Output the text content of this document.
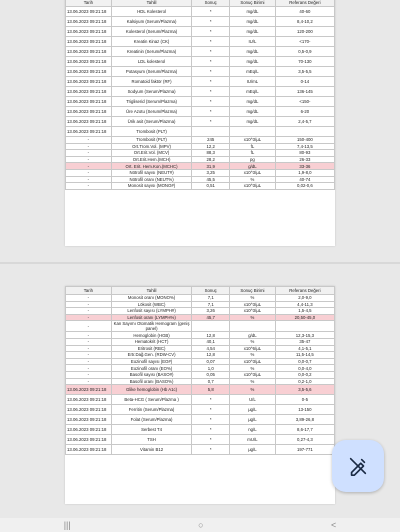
Tarih	Tahlil	Sonuç	Sonuç Birimi	Referans Değeri
13.06.2023 09:21:18	HDL Kolesterol	*	mg/dL	40-60
13.06.2023 09:21:18	Kalsiyum (Serum/Plazma)	*	mg/dL	8,4-10,2
13.06.2023 09:21:18	Kolesterol (Serum/Plazma)	*	mg/dL	120-200
13.06.2023 09:21:18	Kreatin Kinaz (CK)	*	IU/L	<170-
13.06.2023 09:21:18	Kreatinin (Serum/Plazma)	*	mg/dL	0,5-0,9
13.06.2023 09:21:18	LDL kolesterol	*	mg/dL	70-130
13.06.2023 09:21:18	Potasyum (Serum/Plazma)	*	mEq/L	3,5-5,5
13.06.2023 09:21:18	Romatoid faktör (RF)	*	IU/mL	0-14
13.06.2023 09:21:18	Sodyum (Serum/Plazma)	*	mEq/L	136-145
13.06.2023 09:21:18	Trigliserid (Serum/Plazma)	*	mg/dL	<150-
13.06.2023 09:21:18	Üre Azotu (Serum/Plazma)	*	mg/dL	6-20
13.06.2023 09:21:18	Ürik asit (Serum/Plazma)	*	mg/dL	2,4-5,7
13.06.2023 09:21:18	Trombosit (PLT)			
-	Trombosit (PLT)	245	x10^3/µL	150-400
-	Ort.Trom.Vol. (MPV)	12,2	fL	7,4-13,5
-	Ort.Erit.Vol. (MCV)	88,3	fL	80-93
-	Ort.Erit.Hem.(MCH)	28,2	pg	26-33
-	Ort. Erit. Hem.Kon.(MCHC)	31,9	g/dL	33-36
-	Nötrofil sayısı (NEUT#)	3,25	x10^3/µL	1,9-8,0
-	Nötrofil oranı (NEUT%)	45,5	%	40-74
-	Monosit sayısı (MONO#)	0,51	x10^3/µL	0,02-0,6
Tarih	Tahlil	Sonuç	Sonuç Birimi	Referans Değeri
-	Monosit oranı (MONO%)	7,1	%	2,0-9,0
-	Lökosit (WBC)	7,1	x10^3/µL	4,4-11,3
-	Lenfosit sayısı (LYMPH#)	3,26	x10^3/µL	1,5-4,5
-	Lenfosit oranı (LYMPH%)	45,7	%	20,50-45,0
-	Kan Sayımı Otomatik Hemogram (geniş panel)			
-	Hemoglobin (HGB)	12,8	g/dL	12,3-15,3
-	Hematokrit (HCT)	40,1	%	35-47
-	Eritrosit (RBC)	4,54	x10^6/µL	4,1-5,1
-	Ertr.Dağ.Gen. (RDW-CV)	12,8	%	11,5-14,5
-	Eozinofil sayısı (EO#)	0,07	x10^3/µL	0,0-0,7
-	Eozinofil oranı (EO%)	1,0	%	0,0-4,0
-	Basofil sayısı (BASO#)	0,05	x10^3/µL	0,0-0,2
-	Basofil oranı (BASO%)	0,7	%	0,2-1,0
13.06.2023 09:21:18	Glike hemoglobin (Hb A1c)	5,8	%	3,5-5,6
13.06.2023 09:21:18	Beta-HCG ( Serum/Plazma )	*	U/L	0-5
13.06.2023 09:21:18	Ferritin (Serum/Plazma)	*	µg/L	13-150
13.06.2023 09:21:18	Folat (Serum/Plazma)	*	µg/L	3,89-26,8
13.06.2023 09:21:18	Serbest T4	*	ng/L	8,6-17,7
13.06.2023 09:21:18	TSH	*	mU/L	0,27-4,3
13.06.2023 09:21:18	Vitamin B12	*	µg/L	197-771
|||	○	<
